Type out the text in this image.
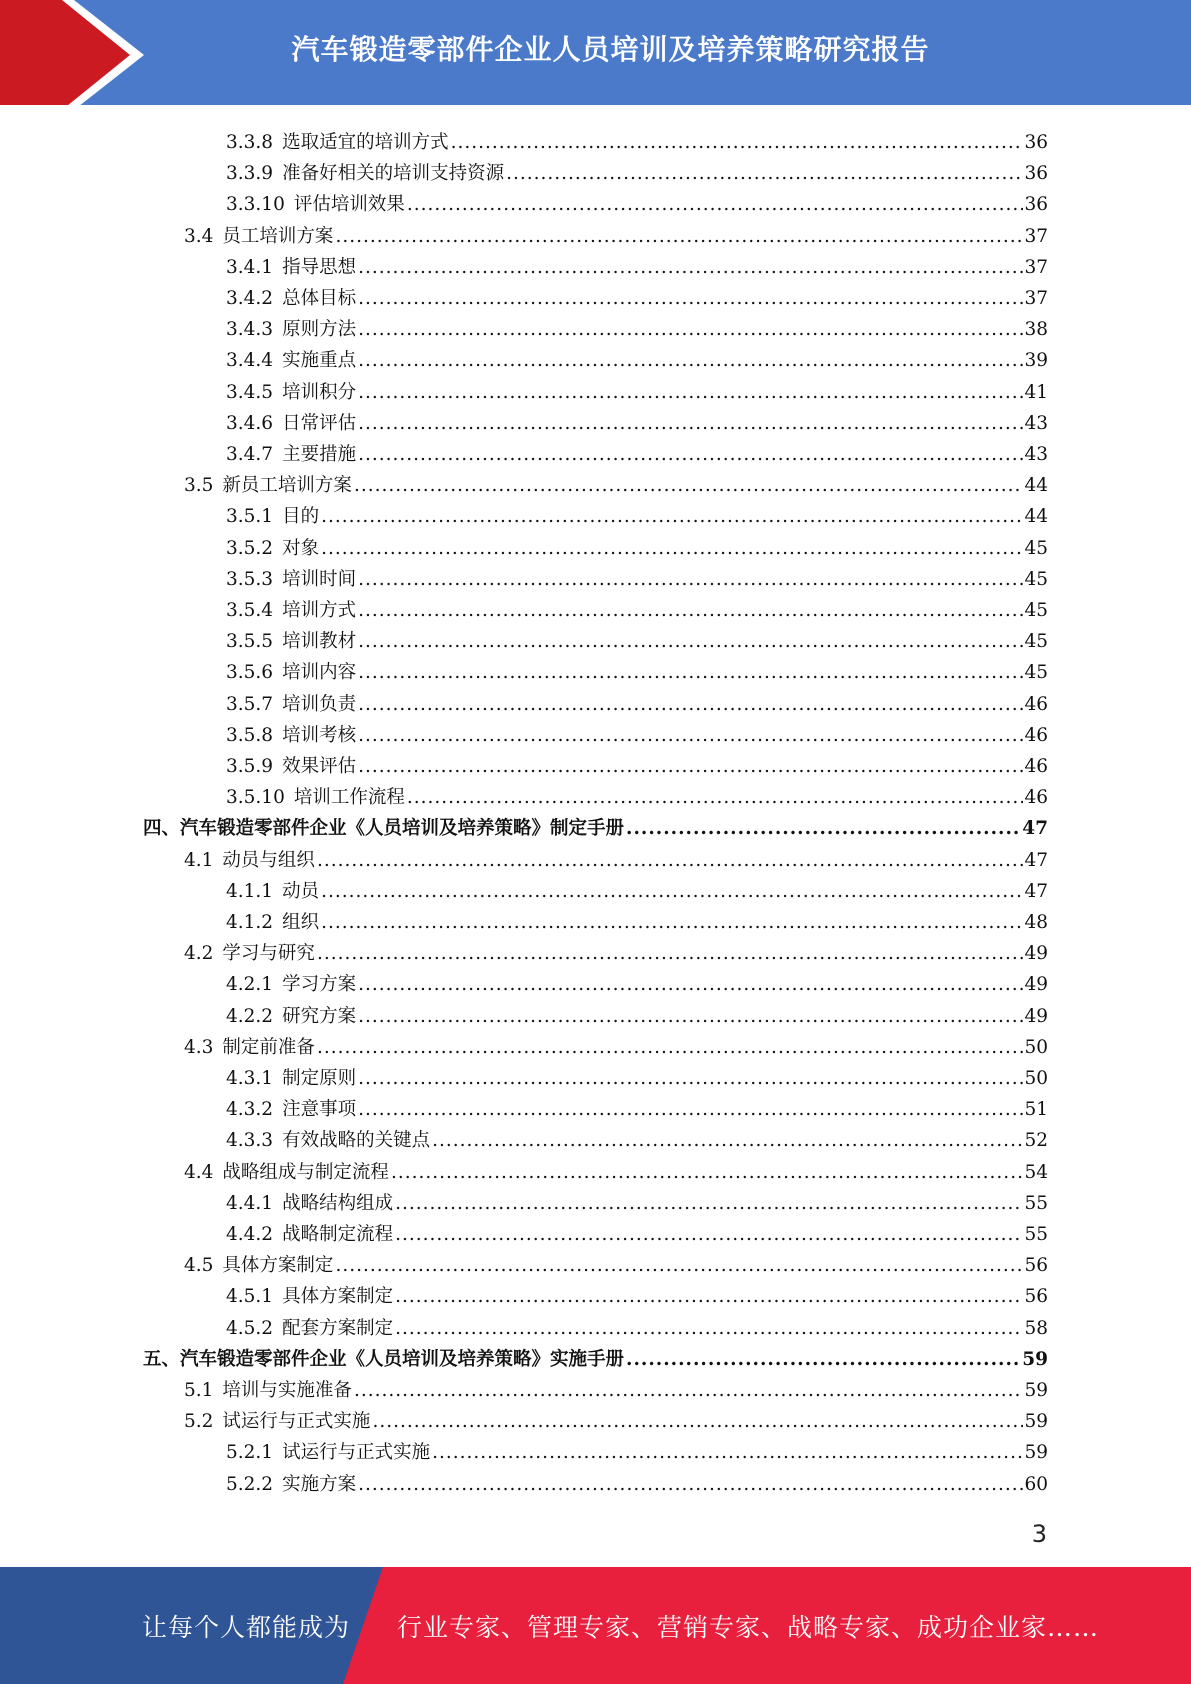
汽车锻造零部件企业人员培训及培养策略研究报告
3.3.8 选取适宜的培训方式 .....	36
3.3.9 准备好相关的培训支持资源 .....	36
3.3.10 评估培训效果 .....	36
3.4 员工培训方案 .....	37
3.4.1 指导思想 .....	37
3.4.2 总体目标 .....	37
3.4.3 原则方法 .....	38
3.4.4 实施重点 .....	39
3.4.5 培训积分 .....	41
3.4.6 日常评估 .....	43
3.4.7 主要措施 .....	43
3.5 新员工培训方案 .....	44
3.5.1 目的 .....	44
3.5.2 对象 .....	45
3.5.3 培训时间 .....	45
3.5.4 培训方式 .....	45
3.5.5 培训教材 .....	45
3.5.6 培训内容 .....	45
3.5.7 培训负责 .....	46
3.5.8 培训考核 .....	46
3.5.9 效果评估 .....	46
3.5.10 培训工作流程 .....	46
四、汽车锻造零部件企业《人员培训及培养策略》制定手册 .....	47
4.1 动员与组织 .....	47
4.1.1 动员 .....	47
4.1.2 组织 .....	48
4.2 学习与研究 .....	49
4.2.1 学习方案 .....	49
4.2.2 研究方案 .....	49
4.3 制定前准备 .....	50
4.3.1 制定原则 .....	50
4.3.2 注意事项 .....	51
4.3.3 有效战略的关键点 .....	52
4.4 战略组成与制定流程 .....	54
4.4.1 战略结构组成 .....	55
4.4.2 战略制定流程 .....	55
4.5 具体方案制定 .....	56
4.5.1 具体方案制定 .....	56
4.5.2 配套方案制定 .....	58
五、汽车锻造零部件企业《人员培训及培养策略》实施手册 .....	59
5.1 培训与实施准备 .....	59
5.2 试运行与正式实施 .....	59
5.2.1 试运行与正式实施 .....	59
5.2.2 实施方案 .....	60
3
让每个人都能成为 行业专家、管理专家、营销专家、战略专家、成功企业家……
